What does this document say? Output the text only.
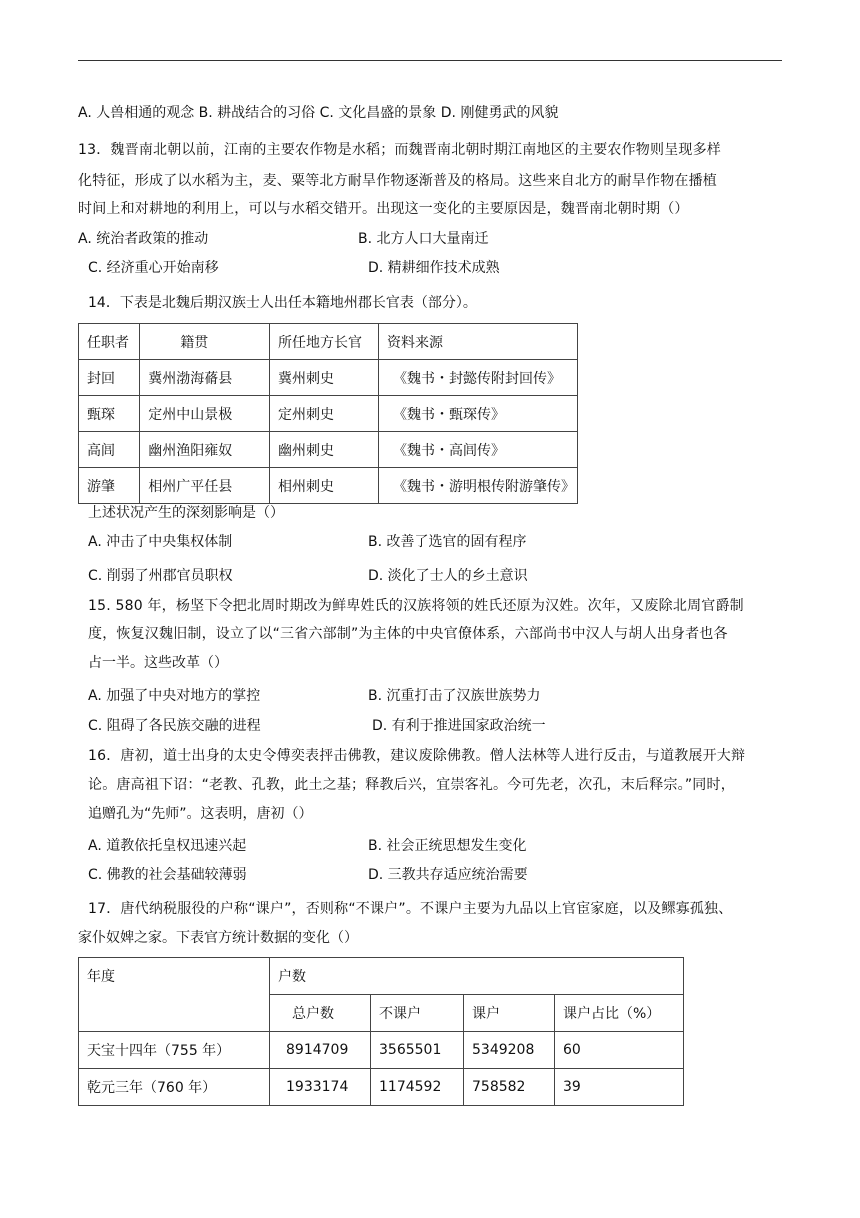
A. 人兽相通的观念 B. 耕战结合的习俗 C. 文化昌盛的景象 D. 刚健勇武的风貌
13．魏晋南北朝以前，江南的主要农作物是水稻；而魏晋南北朝时期江南地区的主要农作物则呈现多样
化特征，形成了以水稻为主，麦、粟等北方耐旱作物逐渐普及的格局。这些来自北方的耐旱作物在播植
时间上和对耕地的利用上，可以与水稻交错开。出现这一变化的主要原因是，魏晋南北朝时期（）
A. 统治者政策的推动	B. 北方人口大量南迁
C. 经济重心开始南移	D. 精耕细作技术成熟
14．下表是北魏后期汉族士人出任本籍地州郡长官表（部分）。
任职者	籍贯	所任地方长官	资料来源
封回	冀州渤海蓨县	冀州刺史	《魏书・封懿传附封回传》
甄琛	定州中山景极	定州刺史	《魏书・甄琛传》
高闾	幽州渔阳雍奴	幽州刺史	《魏书・高闾传》
游肇	相州广平任县	相州刺史	《魏书・游明根传附游肇传》
上述状况产生的深刻影响是（）
A. 冲击了中央集权体制	B. 改善了选官的固有程序
C. 削弱了州郡官员职权	D. 淡化了士人的乡土意识
15. 580 年，杨坚下令把北周时期改为鲜卑姓氏的汉族将领的姓氏还原为汉姓。次年，又废除北周官爵制
度，恢复汉魏旧制，设立了以“三省六部制”为主体的中央官僚体系，六部尚书中汉人与胡人出身者也各
占一半。这些改革（）
A. 加强了中央对地方的掌控	B. 沉重打击了汉族世族势力
C. 阻碍了各民族交融的进程	D. 有利于推进国家政治统一
16．唐初，道士出身的太史令傅奕表抨击佛教，建议废除佛教。僧人法林等人进行反击，与道教展开大辩
论。唐高祖下诏：“老教、孔教，此土之基；释教后兴，宜崇客礼。今可先老，次孔，末后释宗。”同时，
追赠孔为“先师”。这表明，唐初（）
A. 道教依托皇权迅速兴起	B. 社会正统思想发生变化
C. 佛教的社会基础较薄弱	D. 三教共存适应统治需要
17．唐代纳税服役的户称“课户”，否则称“不课户”。不课户主要为九品以上官宦家庭，以及鳏寡孤独、
家仆奴婢之家。下表官方统计数据的变化（）
年度	户数			
	总户数	不课户	课户	课户占比（%）
天宝十四年（755 年）	8914709	3565501	5349208	60
乾元三年（760 年）	1933174	1174592	758582	39
